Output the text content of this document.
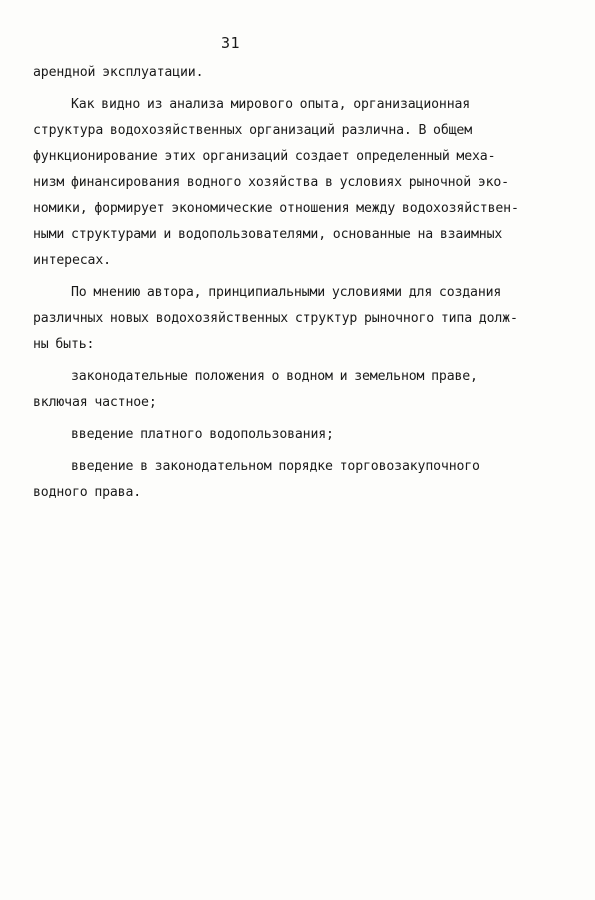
31
арендной эксплуатации.
Как видно из анализа мирового опыта, организационная
структура водохозяйственных организаций различна. В общем
функционирование этих организаций создает определенный меха-
низм финансирования водного хозяйства в условиях рыночной эко-
номики, формирует экономические отношения между водохозяйствен-
ными структурами и водопользователями, основанные на взаимных
интересах.
По мнению автора, принципиальными условиями для создания
различных новых водохозяйственных структур рыночного типа долж-
ны быть:
законодательные положения о водном и земельном праве,
включая частное;
введение платного водопользования;
введение в законодательном порядке торговозакупочного
водного права.
